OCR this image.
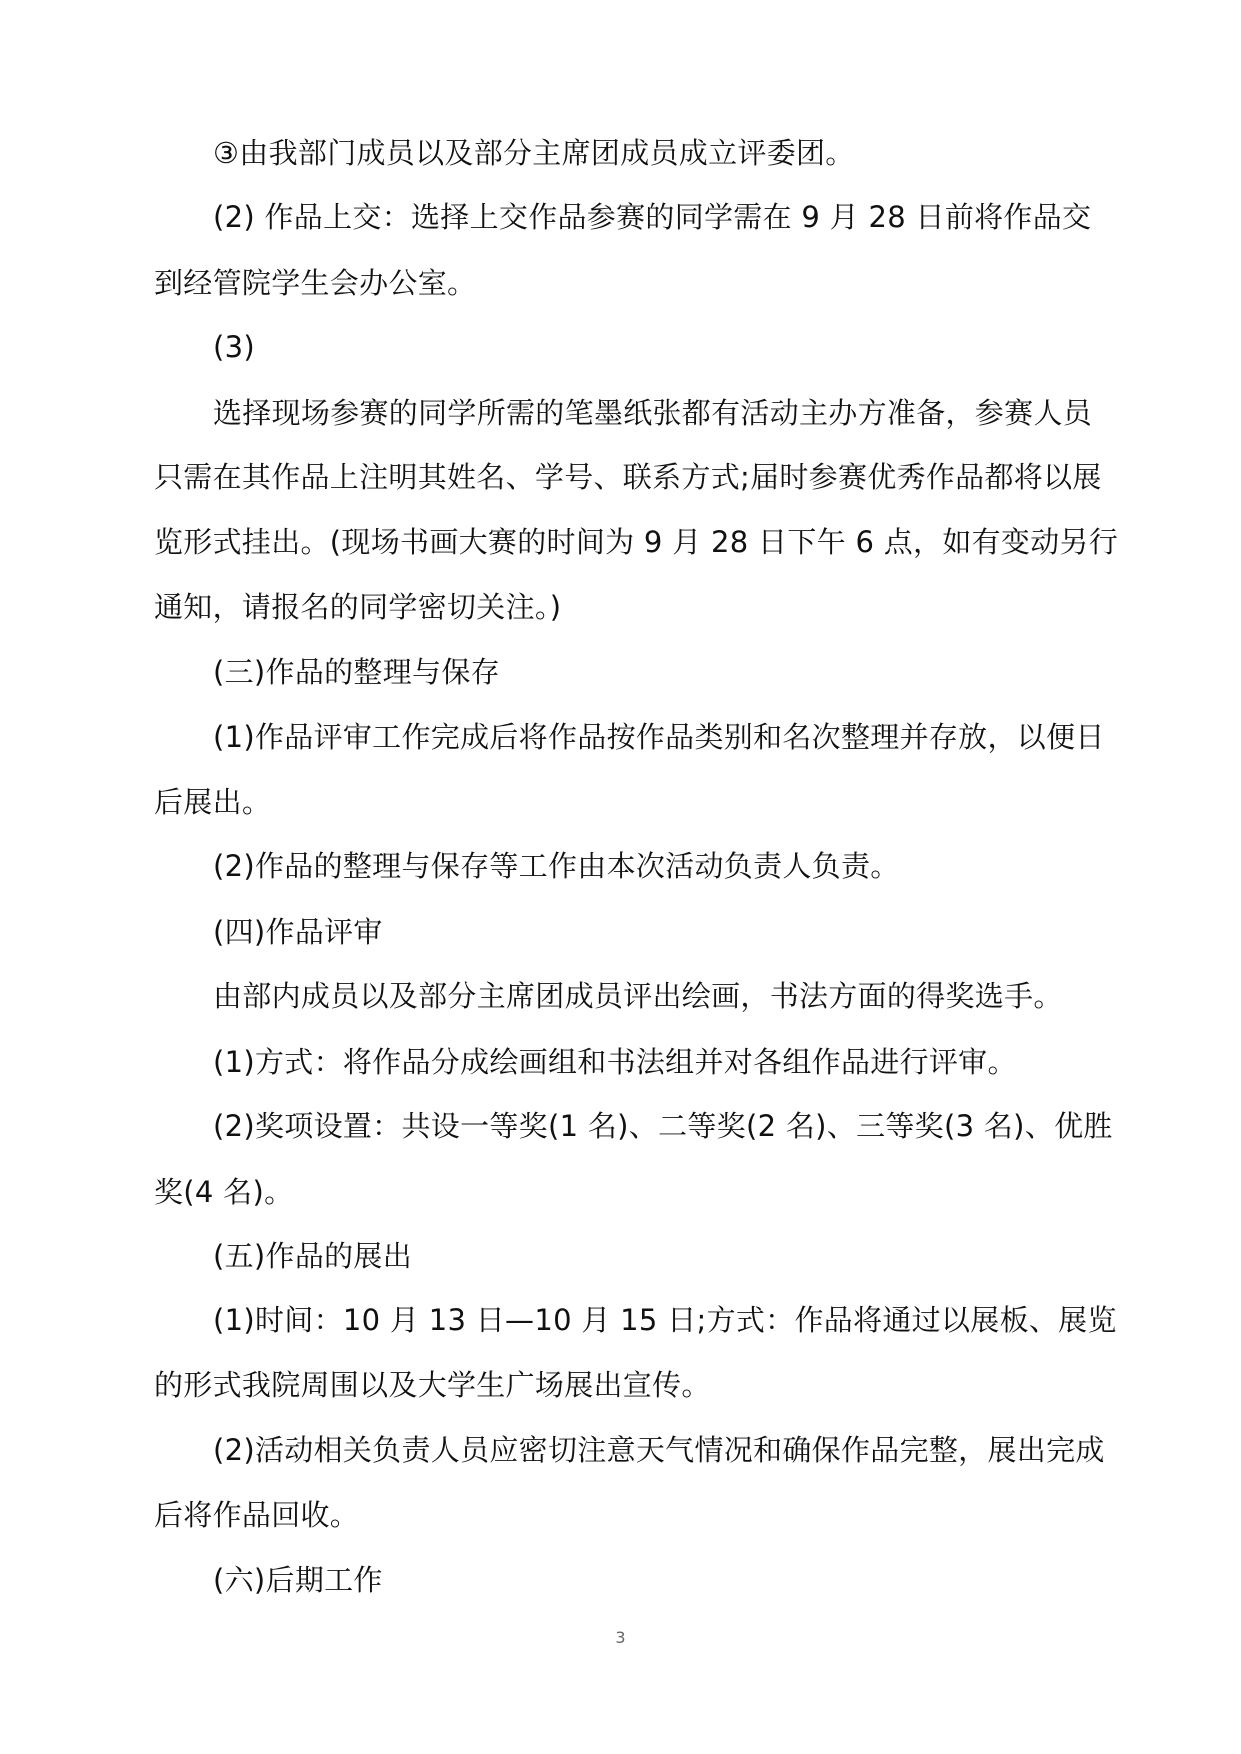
③由我部门成员以及部分主席团成员成立评委团。
(2) 作品上交：选择上交作品参赛的同学需在 9 月 28 日前将作品交
到经管院学生会办公室。
(3)
选择现场参赛的同学所需的笔墨纸张都有活动主办方准备，参赛人员
只需在其作品上注明其姓名、学号、联系方式;届时参赛优秀作品都将以展
览形式挂出。(现场书画大赛的时间为 9 月 28 日下午 6 点，如有变动另行
通知，请报名的同学密切关注。)
(三)作品的整理与保存
(1)作品评审工作完成后将作品按作品类别和名次整理并存放，以便日
后展出。
(2)作品的整理与保存等工作由本次活动负责人负责。
(四)作品评审
由部内成员以及部分主席团成员评出绘画，书法方面的得奖选手。
(1)方式：将作品分成绘画组和书法组并对各组作品进行评审。
(2)奖项设置：共设一等奖(1 名)、二等奖(2 名)、三等奖(3 名)、优胜
奖(4 名)。
(五)作品的展出
(1)时间：10 月 13 日—10 月 15 日;方式：作品将通过以展板、展览
的形式我院周围以及大学生广场展出宣传。
(2)活动相关负责人员应密切注意天气情况和确保作品完整，展出完成
后将作品回收。
(六)后期工作
3
